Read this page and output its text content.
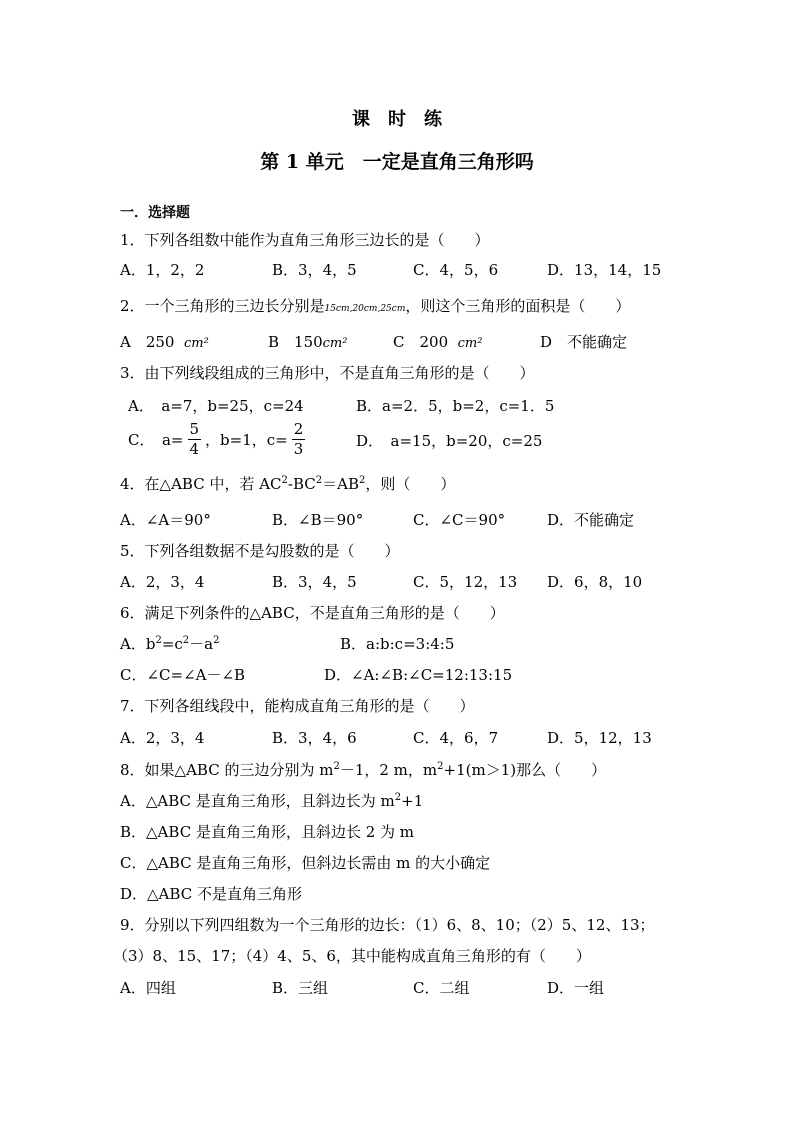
课　时　练
第 1 单元　一定是直角三角形吗
一．选择题
1．下列各组数中能作为直角三角形三边长的是（　　）
A．1，2，2	B．3，4，5	C．4，5，6	D．13，14，15
2．一个三角形的三边长分别是15cm,20cm,25cm，则这个三角形的面积是（　　）
A　250 cm²	B　150cm²	C　200 cm²	D　不能确定
3．由下列线段组成的三角形中，不是直角三角形的是（　　）
A．　a=7，b=25，c=24	B．a=2．5，b=2，c=1．5
C．　$a= \frac{5}{4}$ ，b=1，$c= \frac{2}{3}$	D．　a=15，b=20，c=25
4．在△ABC 中，若 $AC^2-BC^2=AB^2$，则（　　）
A．∠A＝90°	B．∠B＝90°	C．∠C＝90°	D．不能确定
5．下列各组数据不是勾股数的是（　　）
A．2，3，4	B．3，4，5	C．5，12，13 D．6，8，10
6．满足下列条件的△ABC，不是直角三角形的是（　　）
A．$b^2=c^2-a^2$	B．a:b:c=3:4:5
C．∠C=∠A－∠B	D．∠A:∠B:∠C=12:13:15
7．下列各组线段中，能构成直角三角形的是（　　）
A．2，3，4	B．3，4，6	C．4，6，7	D．5，12，13
8．如果△ABC 的三边分别为 $m^2-1$，2 m，$m^2+1(m>1)$那么（　　）
A．△ABC 是直角三角形，且斜边长为 $m^2+1$
B．△ABC 是直角三角形，且斜边长 2 为 m
C．△ABC 是直角三角形，但斜边长需由 m 的大小确定
D．△ABC 不是直角三角形
9．分别以下列四组数为一个三角形的边长：（1）6、8、10；（2）5、12、13；
（3）8、15、17；（4）4、5、6，其中能构成直角三角形的有（　　）
A．四组	B．三组	C．二组	D．一组
